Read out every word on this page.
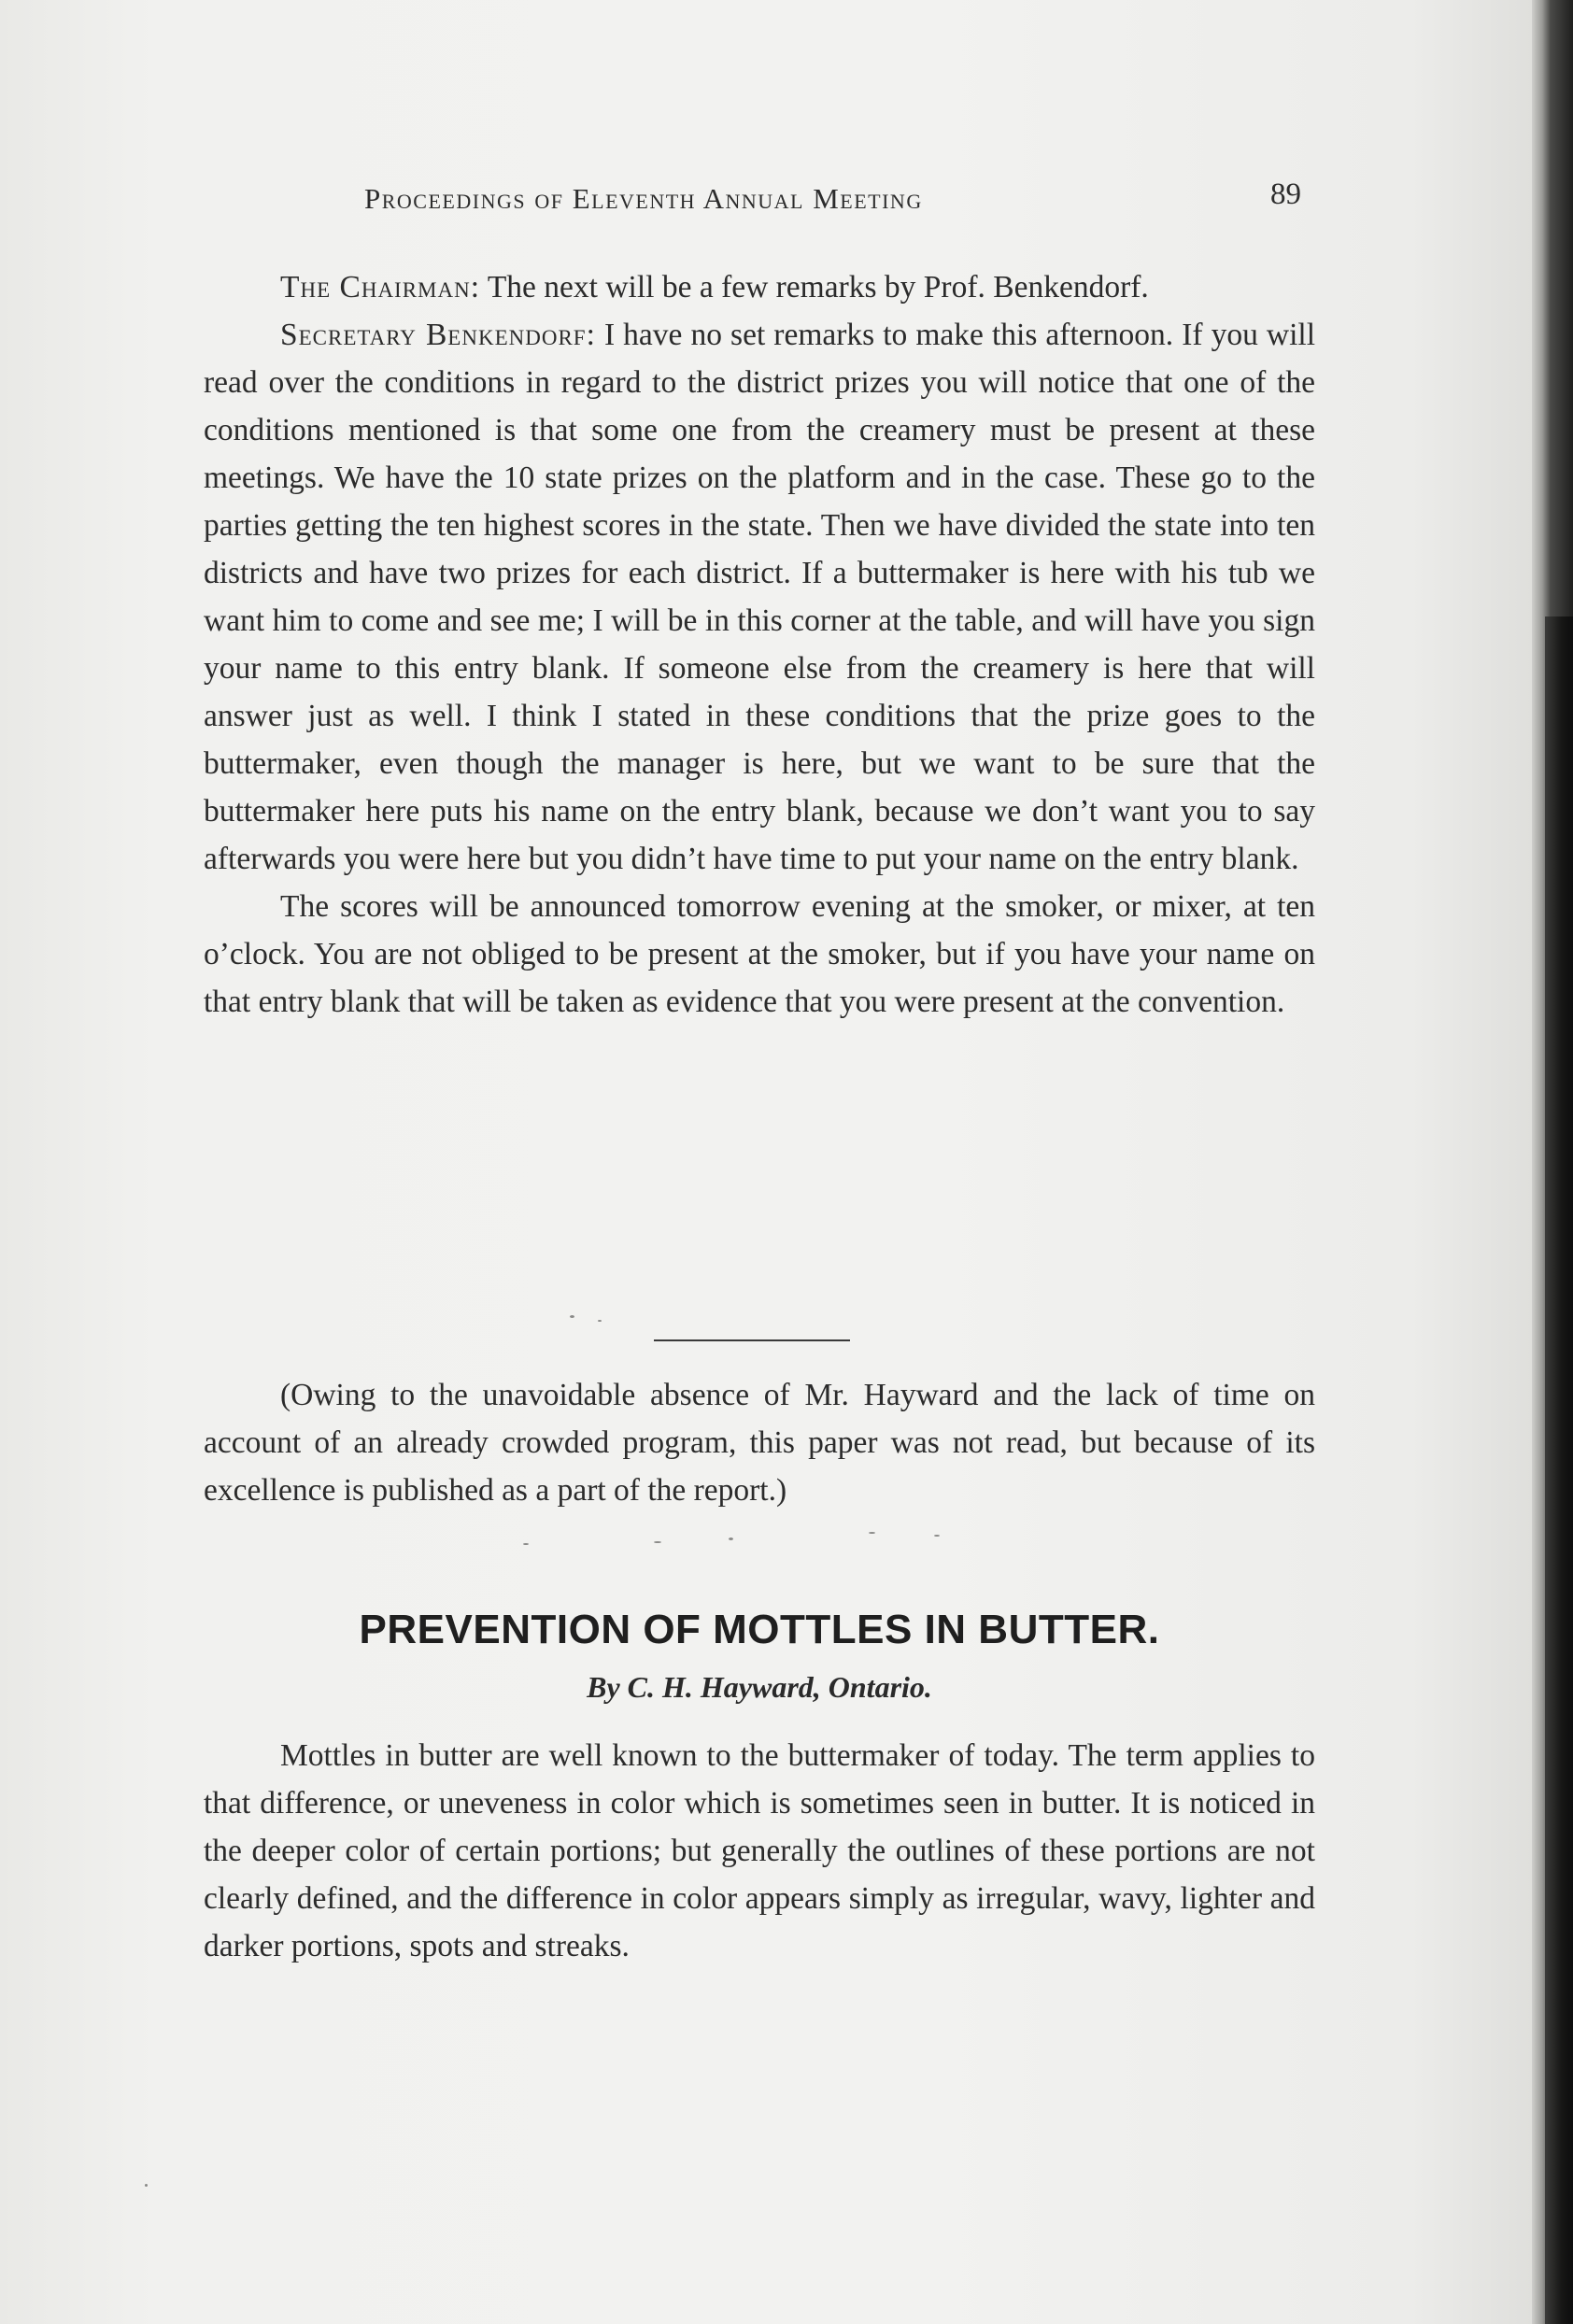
Proceedings of Eleventh Annual Meeting	89

The Chairman: The next will be a few remarks by Prof. Benkendorf.

Secretary Benkendorf: I have no set remarks to make this afternoon. If you will read over the conditions in regard to the district prizes you will notice that one of the conditions mentioned is that some one from the creamery must be present at these meetings. We have the 10 state prizes on the platform and in the case. These go to the parties getting the ten highest scores in the state. Then we have divided the state into ten districts and have two prizes for each district. If a buttermaker is here with his tub we want him to come and see me; I will be in this corner at the table, and will have you sign your name to this entry blank. If someone else from the creamery is here that will answer just as well. I think I stated in these conditions that the prize goes to the buttermaker, even though the manager is here, but we want to be sure that the buttermaker here puts his name on the entry blank, because we don’t want you to say afterwards you were here but you didn’t have time to put your name on the entry blank.

The scores will be announced tomorrow evening at the smoker, or mixer, at ten o’clock. You are not obliged to be present at the smoker, but if you have your name on that entry blank that will be taken as evidence that you were present at the convention.

(Owing to the unavoidable absence of Mr. Hayward and the lack of time on account of an already crowded program, this paper was not read, but because of its excellence is published as a part of the report.)

PREVENTION OF MOTTLES IN BUTTER.
By C. H. Hayward, Ontario.

Mottles in butter are well known to the buttermaker of today. The term applies to that difference, or uneveness in color which is sometimes seen in butter. It is noticed in the deeper color of certain portions; but generally the outlines of these portions are not clearly defined, and the difference in color appears simply as irregular, wavy, lighter and darker portions, spots and streaks.
